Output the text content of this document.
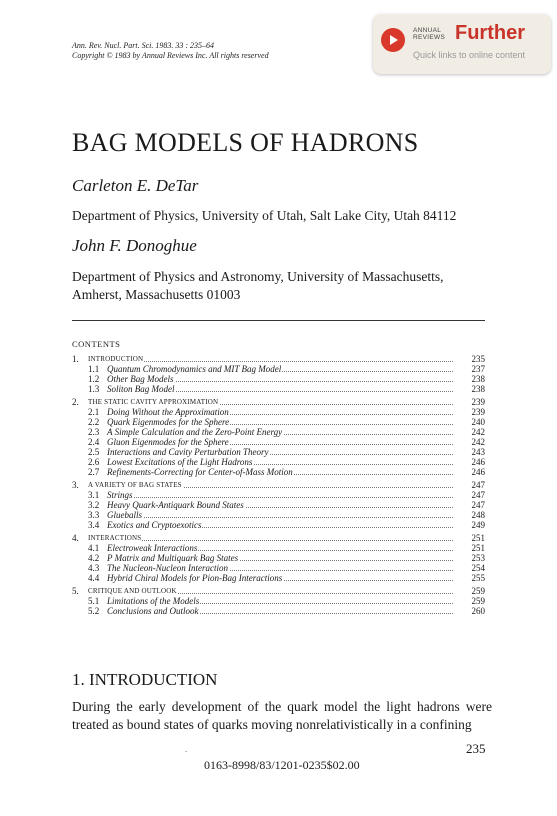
Ann. Rev. Nucl. Part. Sci. 1983. 33 : 235–64
Copyright © 1983 by Annual Reviews Inc. All rights reserved
ANNUAL
REVIEWS Further
Quick links to online content
BAG MODELS OF HADRONS
Carleton E. DeTar
Department of Physics, University of Utah, Salt Lake City, Utah 84112
John F. Donoghue
Department of Physics and Astronomy, University of Massachusetts, Amherst, Massachusetts 01003
CONTENTS
1. INTRODUCTION	235
1.1 Quantum Chromodynamics and MIT Bag Model	237
1.2 Other Bag Models	238
1.3 Soliton Bag Model	238
2. THE STATIC CAVITY APPROXIMATION	239
2.1 Doing Without the Approximation	239
2.2 Quark Eigenmodes for the Sphere	240
2.3 A Simple Calculation and the Zero-Point Energy	242
2.4 Gluon Eigenmodes for the Sphere	242
2.5 Interactions and Cavity Perturbation Theory	243
2.6 Lowest Excitations of the Light Hadrons	246
2.7 Refinements-Correcting for Center-of-Mass Motion	246
3. A VARIETY OF BAG STATES	247
3.1 Strings	247
3.2 Heavy Quark-Antiquark Bound States	247
3.3 Glueballs	248
3.4 Exotics and Cryptoexotics	249
4. INTERACTIONS	251
4.1 Electroweak Interactions	251
4.2 P Matrix and Multiquark Bag States	253
4.3 The Nucleon-Nucleon Interaction	254
4.4 Hybrid Chiral Models for Pion-Bag Interactions	255
5. CRITIQUE AND OUTLOOK	259
5.1 Limitations of the Models	259
5.2 Conclusions and Outlook	260
1. INTRODUCTION
During the early development of the quark model the light hadrons were treated as bound states of quarks moving nonrelativistically in a confining
235
.
0163-8998/83/1201-0235$02.00
